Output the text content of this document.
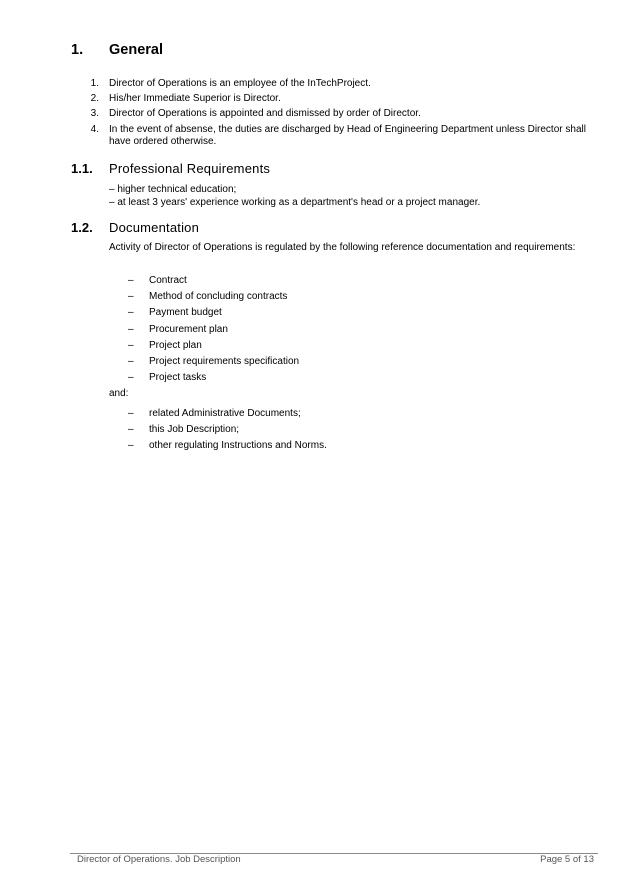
1. General
1.	Director of Operations is an employee of the InTechProject.
2.	His/her Immediate Superior is Director.
3.	Director of Operations is appointed and dismissed by order of Director.
4.	In the event of absense, the duties are discharged by Head of Engineering Department unless Director shall have ordered otherwise.
1.1. Professional Requirements
– higher technical education;
– at least 3 years' experience working as a department's head or a project manager.
1.2. Documentation
Activity of Director of Operations is regulated by the following reference documentation and requirements:
–	Contract
–	Method of concluding contracts
–	Payment budget
–	Procurement plan
–	Project plan
–	Project requirements specification
–	Project tasks
and:
–	related Administrative Documents;
–	this Job Description;
–	other regulating Instructions and Norms.
Director of Operations. Job Description	Page 5 of 13
